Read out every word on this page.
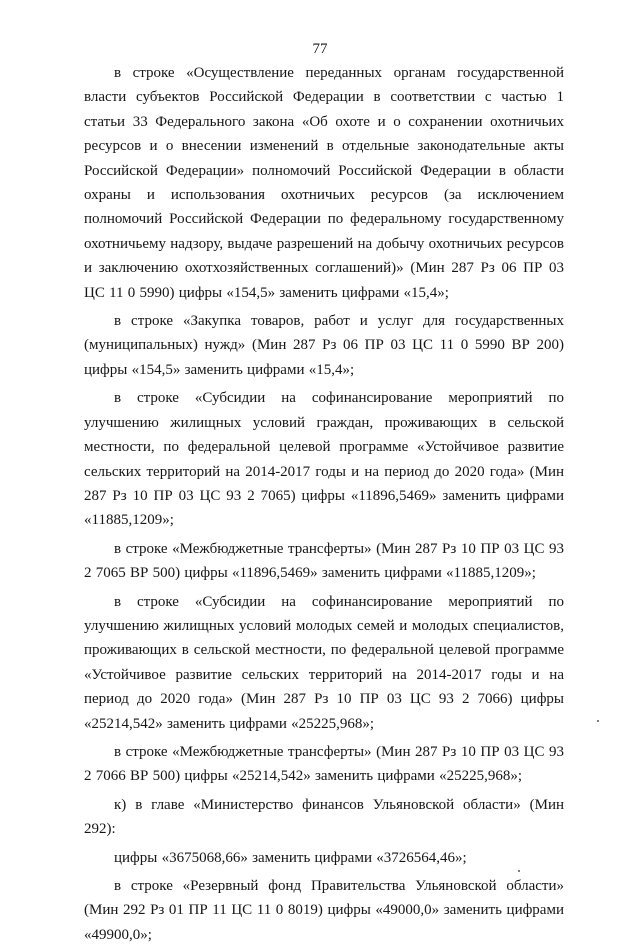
77

в строке «Осуществление переданных органам государственной власти субъектов Российской Федерации в соответствии с частью 1 статьи 33 Федерального закона «Об охоте и о сохранении охотничьих ресурсов и о внесении изменений в отдельные законодательные акты Российской Федерации» полномочий Российской Федерации в области охраны и использования охотничьих ресурсов (за исключением полномочий Российской Федерации по федеральному государственному охотничьему надзору, выдаче разрешений на добычу охотничьих ресурсов и заключению охотхозяйственных соглашений)» (Мин 287 Рз 06 ПР 03 ЦС 11 0 5990) цифры «154,5» заменить цифрами «15,4»;

в строке «Закупка товаров, работ и услуг для государственных (муниципальных) нужд» (Мин 287 Рз 06 ПР 03 ЦС 11 0 5990 ВР 200) цифры «154,5» заменить цифрами «15,4»;

в строке «Субсидии на софинансирование мероприятий по улучшению жилищных условий граждан, проживающих в сельской местности, по федеральной целевой программе «Устойчивое развитие сельских территорий на 2014-2017 годы и на период до 2020 года» (Мин 287 Рз 10 ПР 03 ЦС 93 2 7065) цифры «11896,5469» заменить цифрами «11885,1209»;

в строке «Межбюджетные трансферты» (Мин 287 Рз 10 ПР 03 ЦС 93 2 7065 ВР 500) цифры «11896,5469» заменить цифрами «11885,1209»;

в строке «Субсидии на софинансирование мероприятий по улучшению жилищных условий молодых семей и молодых специалистов, проживающих в сельской местности, по федеральной целевой программе «Устойчивое развитие сельских территорий на 2014-2017 годы и на период до 2020 года» (Мин 287 Рз 10 ПР 03 ЦС 93 2 7066) цифры «25214,542» заменить цифрами «25225,968»;

в строке «Межбюджетные трансферты» (Мин 287 Рз 10 ПР 03 ЦС 93 2 7066 ВР 500) цифры «25214,542» заменить цифрами «25225,968»;

к) в главе «Министерство финансов Ульяновской области» (Мин 292):

цифры «3675068,66» заменить цифрами «3726564,46»;

в строке «Резервный фонд Правительства Ульяновской области» (Мин 292 Рз 01 ПР 11 ЦС 11 0 8019) цифры «49000,0» заменить цифрами «49900,0»;
